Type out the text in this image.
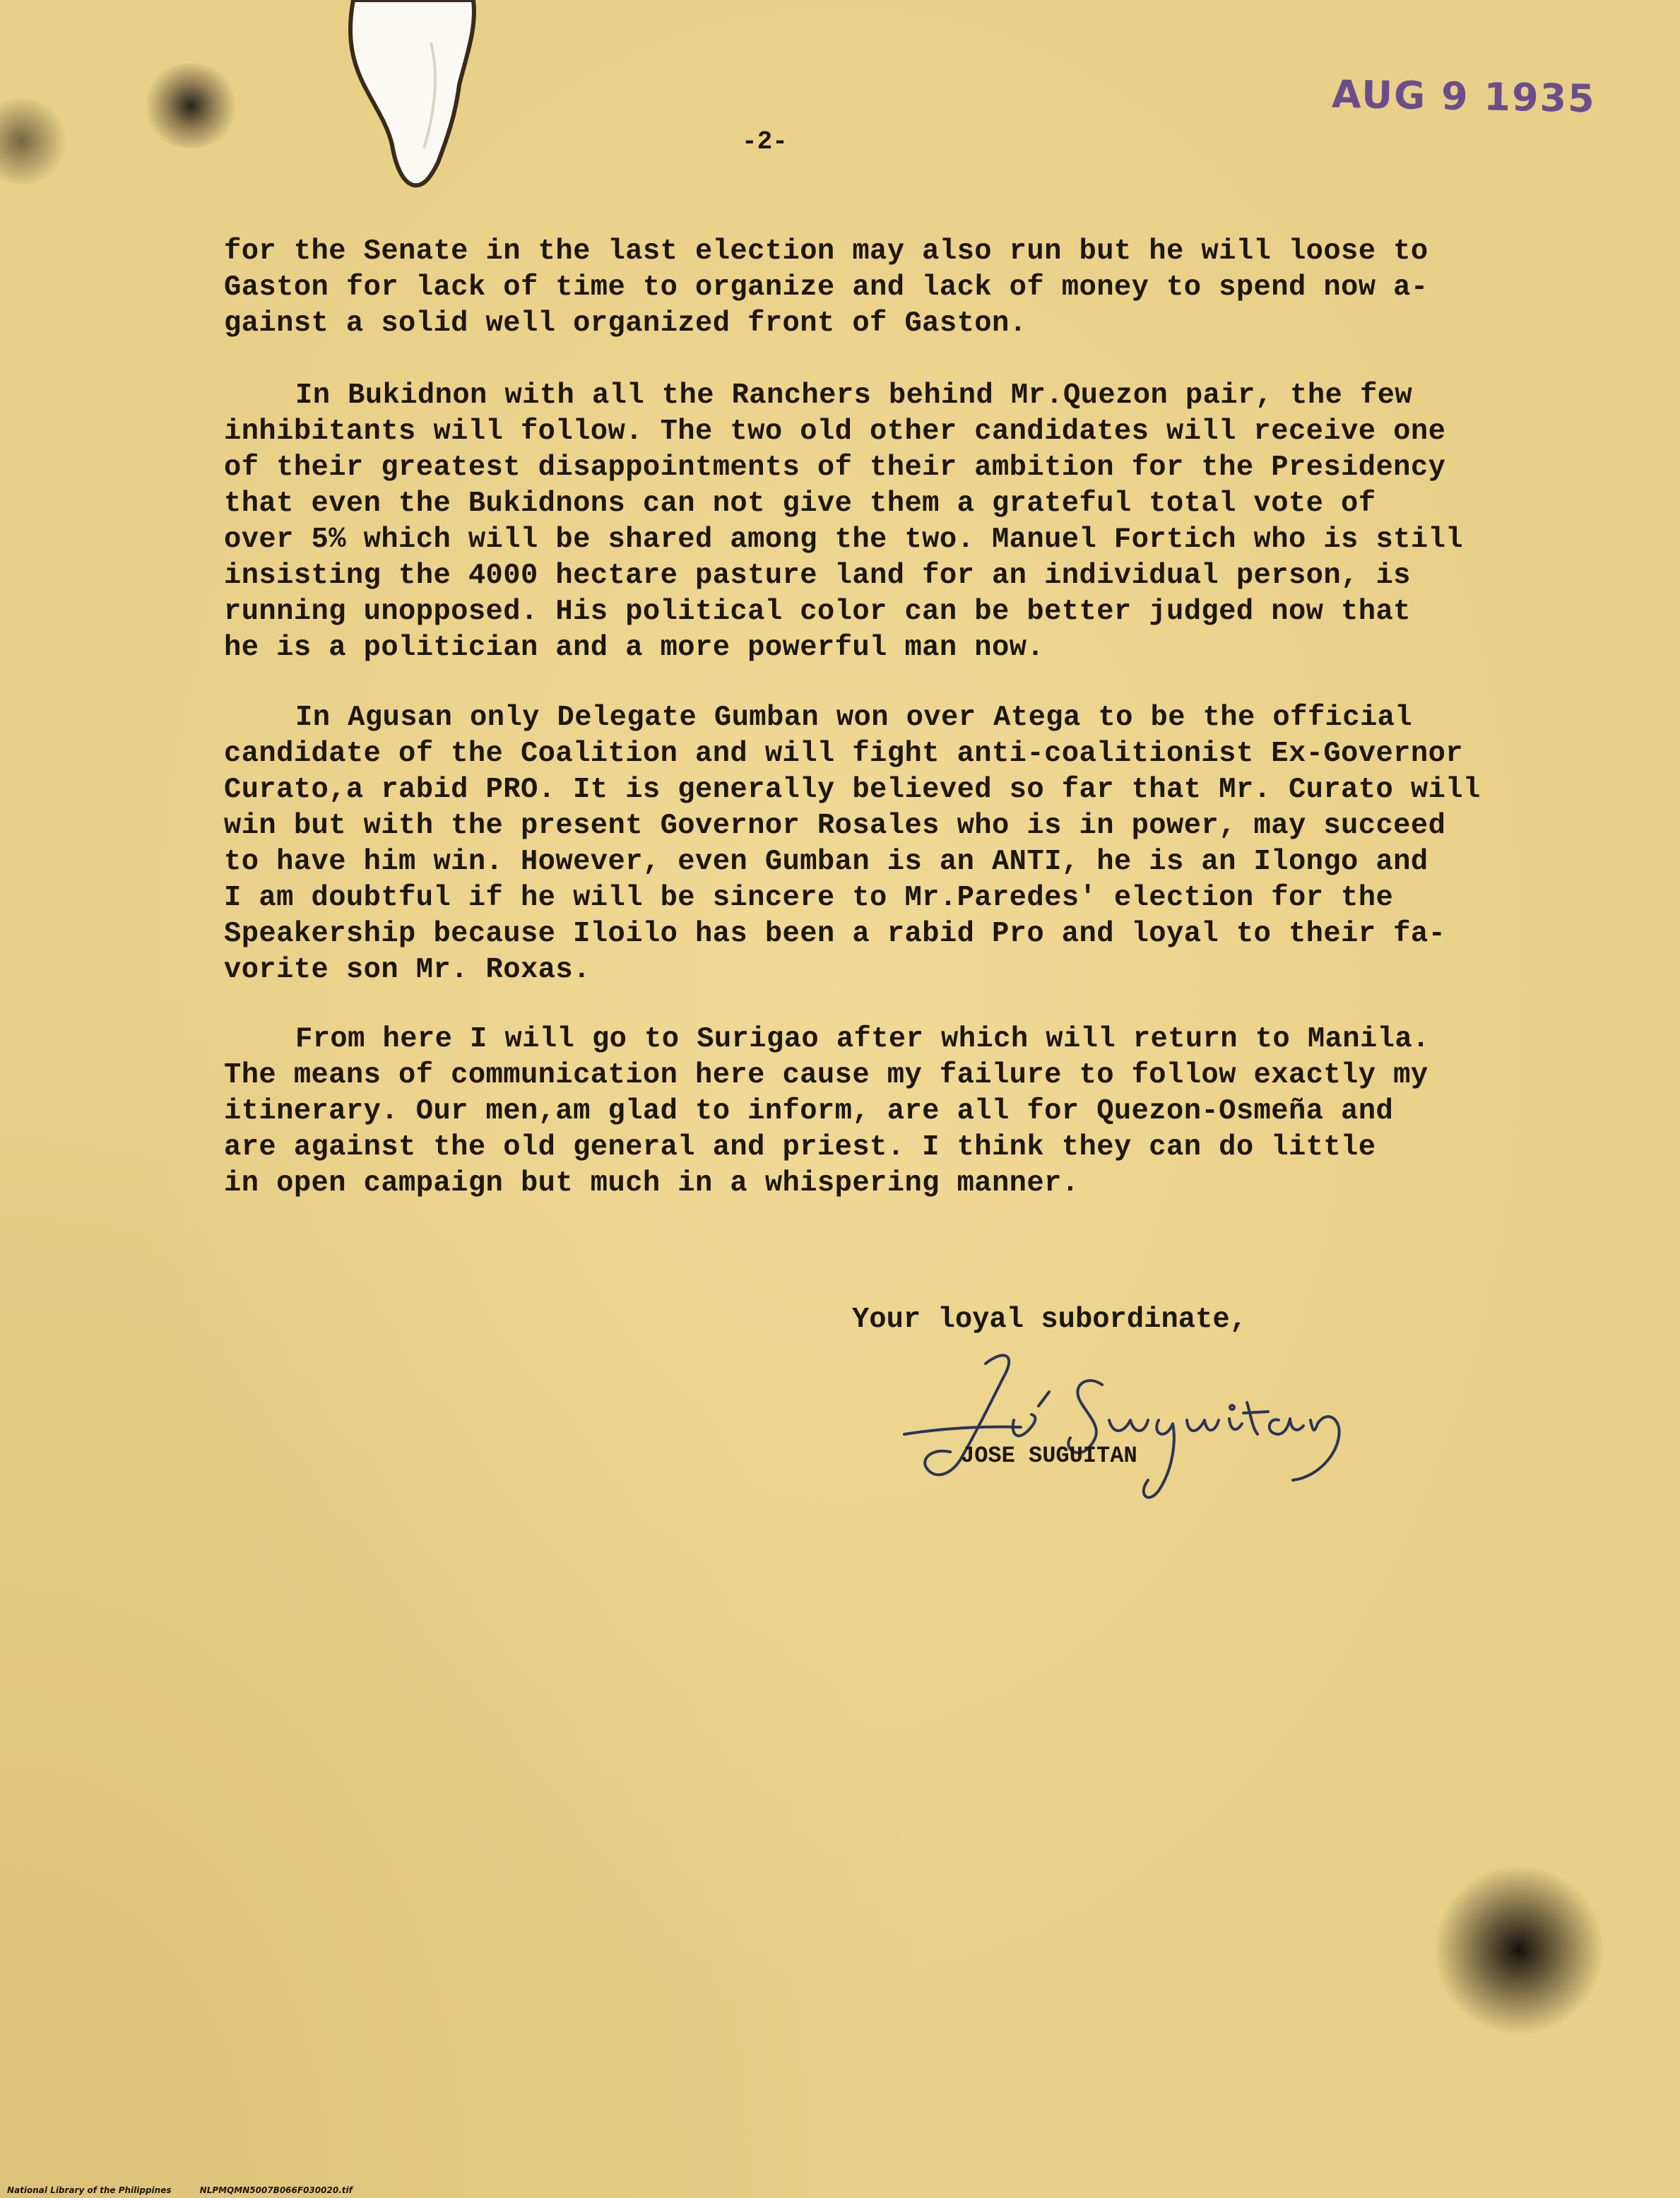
AUG 9 1935
-2-
for the Senate in the last election may also run but he will loose to
Gaston for lack of time to organize and lack of money to spend now a-
gainst a solid well organized front of Gaston.
In Bukidnon with all the Ranchers behind Mr.Quezon pair, the few
inhibitants will follow. The two old other candidates will receive one
of their greatest disappointments of their ambition for the Presidency
that even the Bukidnons can not give them a grateful total vote of
over 5% which will be shared among the two. Manuel Fortich who is still
insisting the 4000 hectare pasture land for an individual person, is
running unopposed. His political color can be better judged now that
he is a politician and a more powerful man now.
In Agusan only Delegate Gumban won over Atega to be the official
candidate of the Coalition and will fight anti-coalitionist Ex-Governor
Curato,a rabid PRO. It is generally believed so far that Mr. Curato will
win but with the present Governor Rosales who is in power, may succeed
to have him win. However, even Gumban is an ANTI, he is an Ilongo and
I am doubtful if he will be sincere to Mr.Paredes' election for the
Speakership because Iloilo has been a rabid Pro and loyal to their fa-
vorite son Mr. Roxas.
From here I will go to Surigao after which will return to Manila.
The means of communication here cause my failure to follow exactly my
itinerary. Our men,am glad to inform, are all for Quezon-Osmeña and
are against the old general and priest. I think they can do little
in open campaign but much in a whispering manner.
Your loyal subordinate,
JOSE SUGUITAN
National Library of the Philippines	NLPMQMN5007B066F030020.tif
